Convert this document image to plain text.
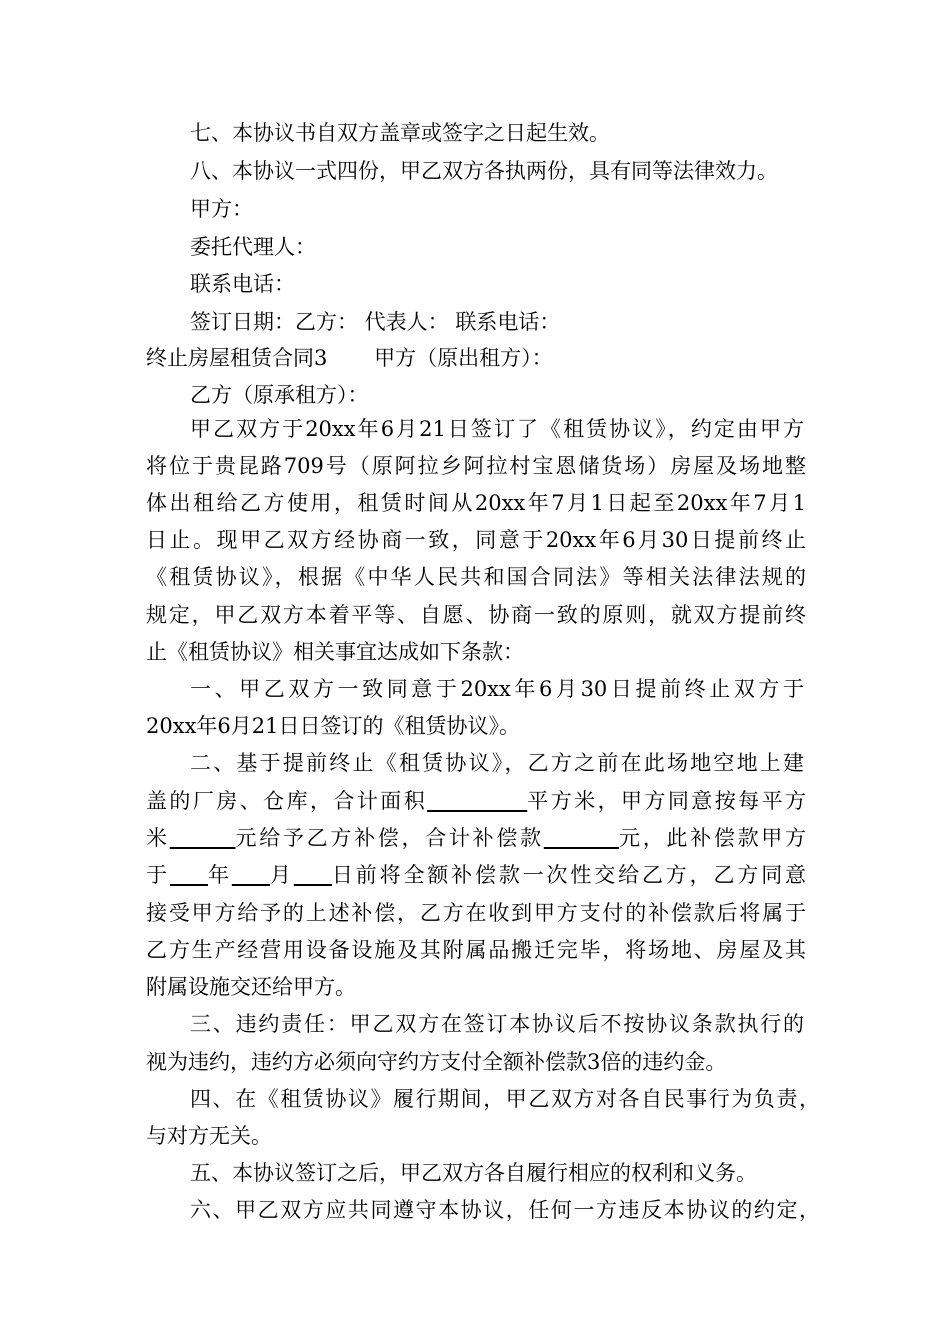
七、本协议书自双方盖章或签字之日起生效。
八、本协议一式四份，甲乙双方各执两份，具有同等法律效力。
甲方：
委托代理人：
联系电话：
签订日期：乙方： 代表人： 联系电话：
终止房屋租赁合同3       甲方（原出租方）：
乙方（原承租方）：
甲乙双方于20xx年6月21日签订了《租赁协议》，约定由甲方
将位于贵昆路709号（原阿拉乡阿拉村宝恩储货场）房屋及场地整
体出租给乙方使用，租赁时间从20xx年7月1日起至20xx年7月1
日止。现甲乙双方经协商一致，同意于20xx年6月30日提前终止
《租赁协议》，根据《中华人民共和国合同法》等相关法律法规的
规定，甲乙双方本着平等、自愿、协商一致的原则，就双方提前终
止《租赁协议》相关事宜达成如下条款：
一、甲乙双方一致同意于20xx年6月30日提前终止双方于
20xx年6月21日日签订的《租赁协议》。
二、基于提前终止《租赁协议》，乙方之前在此场地空地上建
盖的厂房、仓库，合计面积	平方米，甲方同意按每平方
米	元给予乙方补偿，合计补偿款	元，此补偿款甲方
于 年 月 日前将全额补偿款一次性交给乙方，乙方同意
接受甲方给予的上述补偿，乙方在收到甲方支付的补偿款后将属于
乙方生产经营用设备设施及其附属品搬迁完毕，将场地、房屋及其
附属设施交还给甲方。
三、违约责任：甲乙双方在签订本协议后不按协议条款执行的
视为违约，违约方必须向守约方支付全额补偿款3倍的违约金。
四、在《租赁协议》履行期间，甲乙双方对各自民事行为负责，
与对方无关。
五、本协议签订之后，甲乙双方各自履行相应的权利和义务。
六、甲乙双方应共同遵守本协议，任何一方违反本协议的约定，
